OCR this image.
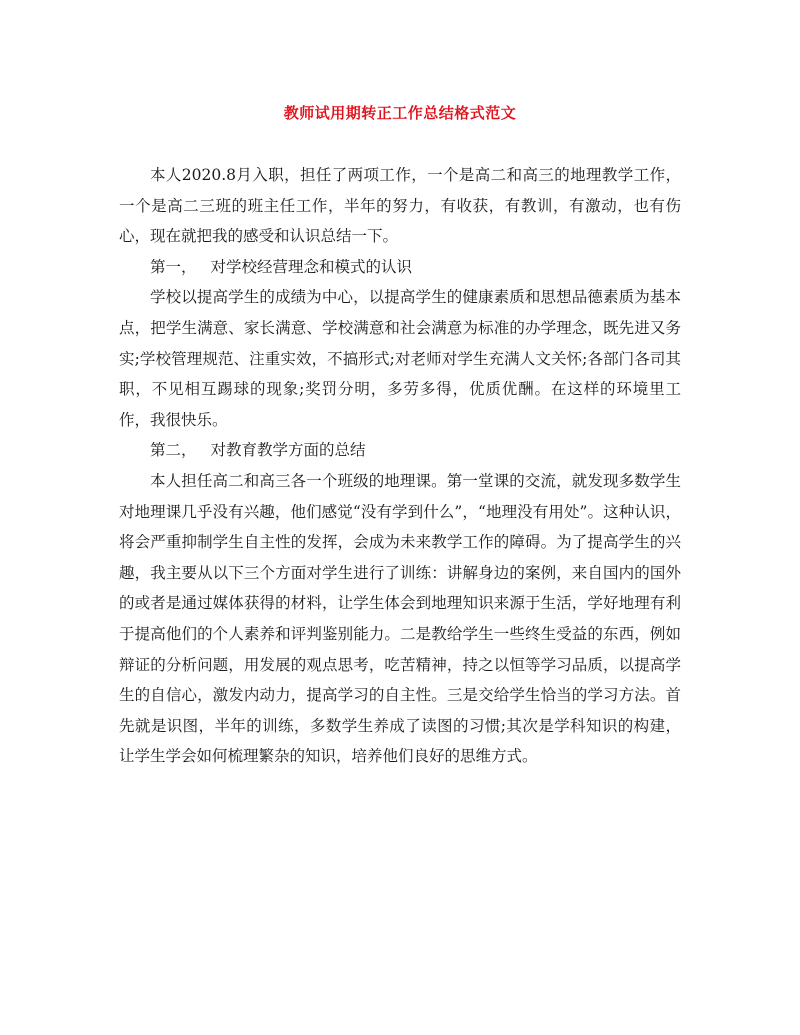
教师试用期转正工作总结格式范文

本人2020.8月入职，担任了两项工作，一个是高二和高三的地理教学工作，一个是高二三班的班主任工作，半年的努力，有收获，有教训，有激动，也有伤心，现在就把我的感受和认识总结一下。

第一， 对学校经营理念和模式的认识

学校以提高学生的成绩为中心，以提高学生的健康素质和思想品德素质为基本点，把学生满意、家长满意、学校满意和社会满意为标准的办学理念，既先进又务实;学校管理规范、注重实效，不搞形式;对老师对学生充满人文关怀;各部门各司其职，不见相互踢球的现象;奖罚分明，多劳多得，优质优酬。在这样的环境里工作，我很快乐。

第二， 对教育教学方面的总结

本人担任高二和高三各一个班级的地理课。第一堂课的交流，就发现多数学生对地理课几乎没有兴趣，他们感觉“没有学到什么”，“地理没有用处”。这种认识，将会严重抑制学生自主性的发挥，会成为未来教学工作的障碍。为了提高学生的兴趣，我主要从以下三个方面对学生进行了训练：讲解身边的案例，来自国内的国外的或者是通过媒体获得的材料，让学生体会到地理知识来源于生活，学好地理有利于提高他们的个人素养和评判鉴别能力。二是教给学生一些终生受益的东西，例如辩证的分析问题，用发展的观点思考，吃苦精神，持之以恒等学习品质，以提高学生的自信心，激发内动力，提高学习的自主性。三是交给学生恰当的学习方法。首先就是识图，半年的训练，多数学生养成了读图的习惯;其次是学科知识的构建，让学生学会如何梳理繁杂的知识，培养他们良好的思维方式。
